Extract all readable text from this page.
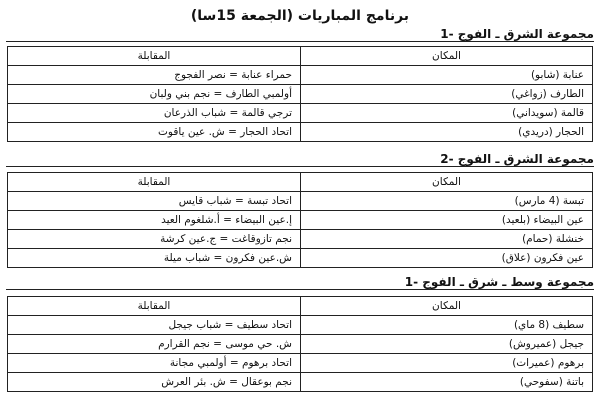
برنامج المباريات (الجمعة 15سا)
مجموعة الشرق ـ الفوج -1
المكان	المقابلة
عنابة (شابو)	حمراء عنابة = نصر الفجوج
الطارف (زواغي)	أولمبي الطارف = نجم بني ولبان
قالمة (سويداني)	ترجي قالمة = شباب الذرعان
الحجار (دريدي)	اتحاد الحجار = ش. عين ياقوت
مجموعة الشرق ـ الفوج -2
المكان	المقابلة
تبسة (4 مارس)	اتحاد تبسة = شباب قايس
عين البيضاء (بلعيد)	إ.عين البيضاء = أ.شلغوم العيد
خنشلة (حمام)	نجم تازوقاغت = ج.عين كرشة
عين فكرون (علاق)	ش.عين فكرون = شباب ميلة
مجموعة وسط ـ شرق ـ الفوج -1
المكان	المقابلة
سطيف (8 ماي)	اتحاد سطيف = شباب جيجل
جيجل (عميروش)	ش. حي موسى = نجم القرارم
برهوم (عميرات)	اتحاد برهوم = أولمبي مجانة
باتنة (سفوحي)	نجم بوعقال = ش. بئر العرش
